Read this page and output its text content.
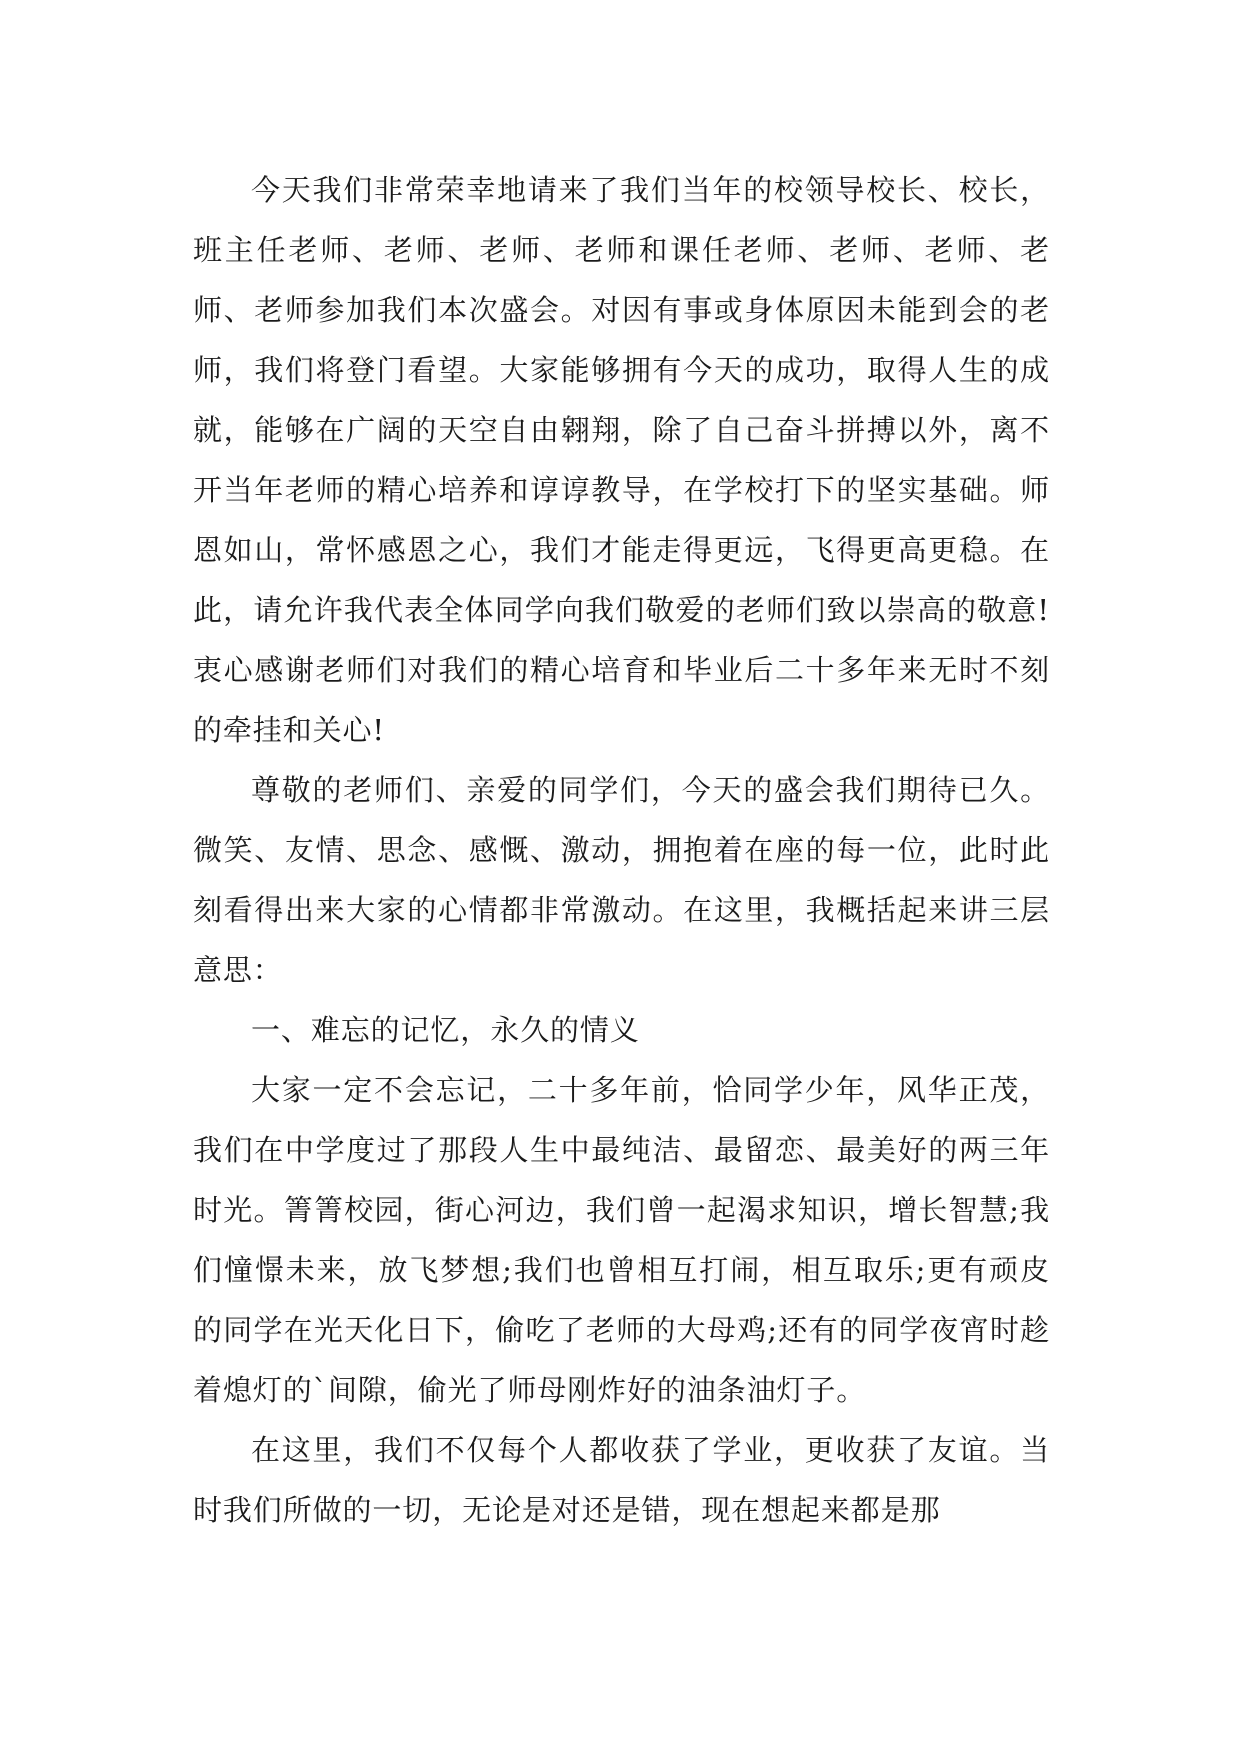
今天我们非常荣幸地请来了我们当年的校领导校长、校长，班主任老师、老师、老师、老师和课任老师、老师、老师、老师、老师参加我们本次盛会。对因有事或身体原因未能到会的老师，我们将登门看望。大家能够拥有今天的成功，取得人生的成就，能够在广阔的天空自由翱翔，除了自己奋斗拼搏以外，离不开当年老师的精心培养和谆谆教导，在学校打下的坚实基础。师恩如山，常怀感恩之心，我们才能走得更远，飞得更高更稳。在此，请允许我代表全体同学向我们敬爱的老师们致以崇高的敬意!衷心感谢老师们对我们的精心培育和毕业后二十多年来无时不刻的牵挂和关心!

尊敬的老师们、亲爱的同学们，今天的盛会我们期待已久。微笑、友情、思念、感慨、激动，拥抱着在座的每一位，此时此刻看得出来大家的心情都非常激动。在这里，我概括起来讲三层意思：

一、难忘的记忆，永久的情义

大家一定不会忘记，二十多年前，恰同学少年，风华正茂，我们在中学度过了那段人生中最纯洁、最留恋、最美好的两三年时光。箐箐校园，街心河边，我们曾一起渴求知识，增长智慧;我们憧憬未来，放飞梦想;我们也曾相互打闹，相互取乐;更有顽皮的同学在光天化日下，偷吃了老师的大母鸡;还有的同学夜宵时趁着熄灯的`间隙，偷光了师母刚炸好的油条油灯子。

在这里，我们不仅每个人都收获了学业，更收获了友谊。当时我们所做的一切，无论是对还是错，现在想起来都是那
